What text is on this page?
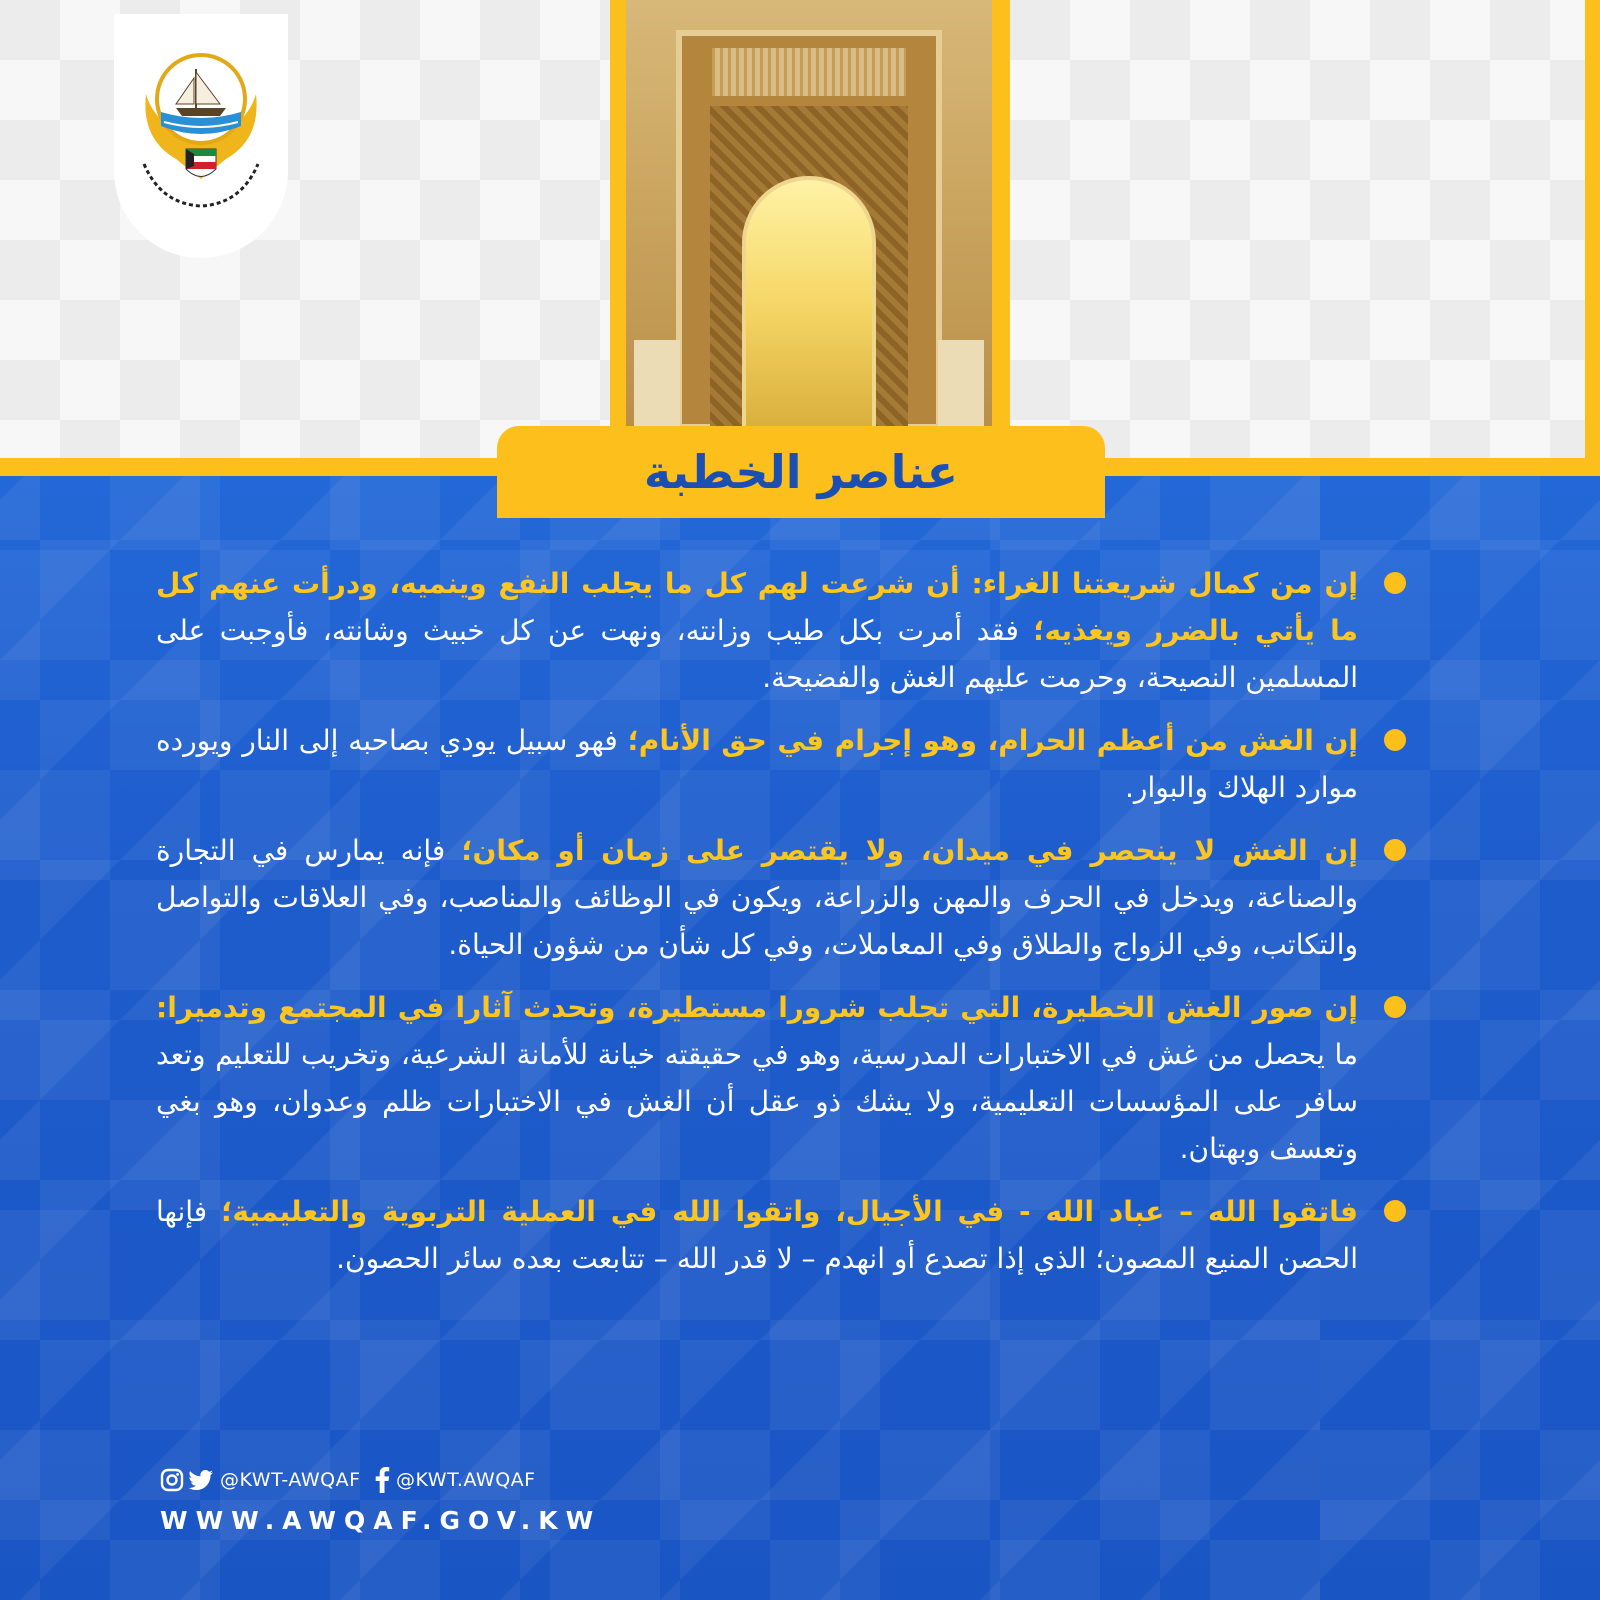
عناصر الخطبة
إن من كمال شريعتنا الغراء: أن شرعت لهم كل ما يجلب النفع وينميه، ودرأت عنهم كل ما يأتي بالضرر ويغذيه؛ فقد أمرت بكل طيب وزانته، ونهت عن كل خبيث وشانته، فأوجبت على المسلمين النصيحة، وحرمت عليهم الغش والفضيحة.
إن الغش من أعظم الحرام، وهو إجرام في حق الأنام؛ فهو سبيل يودي بصاحبه إلى النار ويورده موارد الهلاك والبوار.
إن الغش لا ينحصر في ميدان، ولا يقتصر على زمان أو مكان؛ فإنه يمارس في التجارة والصناعة، ويدخل في الحرف والمهن والزراعة، ويكون في الوظائف والمناصب، وفي العلاقات والتواصل والتكاتب، وفي الزواج والطلاق وفي المعاملات، وفي كل شأن من شؤون الحياة.
إن صور الغش الخطيرة، التي تجلب شرورا مستطيرة، وتحدث آثارا في المجتمع وتدميرا: ما يحصل من غش في الاختبارات المدرسية، وهو في حقيقته خيانة للأمانة الشرعية، وتخريب للتعليم وتعد سافر على المؤسسات التعليمية، ولا يشك ذو عقل أن الغش في الاختبارات ظلم وعدوان، وهو بغي وتعسف وبهتان.
فاتقوا الله – عباد الله - في الأجيال، واتقوا الله في العملية التربوية والتعليمية؛ فإنها الحصن المنيع المصون؛ الذي إذا تصدع أو انهدم – لا قدر الله – تتابعت بعده سائر الحصون.
@KWT-AWQAF @KWT.AWQAF
WWW.AWQAF.GOV.KW
